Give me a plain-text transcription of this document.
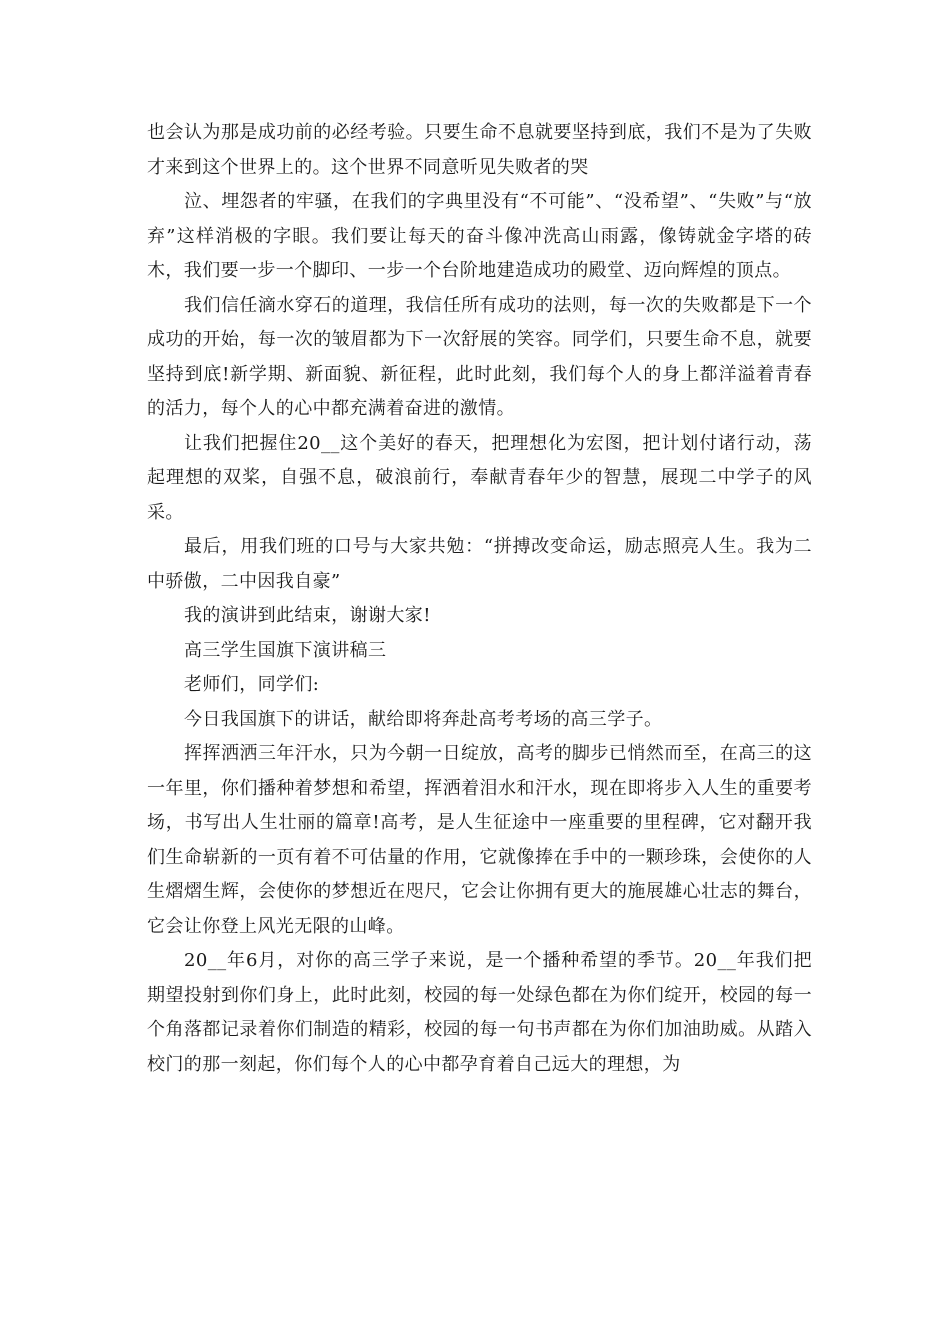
也会认为那是成功前的必经考验。只要生命不息就要坚持到底，我们不是为了失败才来到这个世界上的。这个世界不同意听见失败者的哭

泣、埋怨者的牢骚，在我们的字典里没有“不可能”、“没希望”、“失败”与“放弃”这样消极的字眼。我们要让每天的奋斗像冲洗高山雨露，像铸就金字塔的砖木，我们要一步一个脚印、一步一个台阶地建造成功的殿堂、迈向辉煌的顶点。

我们信任滴水穿石的道理，我信任所有成功的法则，每一次的失败都是下一个成功的开始，每一次的皱眉都为下一次舒展的笑容。同学们，只要生命不息，就要坚持到底!新学期、新面貌、新征程，此时此刻，我们每个人的身上都洋溢着青春的活力，每个人的心中都充满着奋进的激情。

让我们把握住20__这个美好的春天，把理想化为宏图，把计划付诸行动，荡起理想的双桨，自强不息，破浪前行，奉献青春年少的智慧，展现二中学子的风采。

最后，用我们班的口号与大家共勉：“拼搏改变命运，励志照亮人生。我为二中骄傲，二中因我自豪”

我的演讲到此结束，谢谢大家!

高三学生国旗下演讲稿三

老师们，同学们:

今日我国旗下的讲话，献给即将奔赴高考考场的高三学子。

挥挥洒洒三年汗水，只为今朝一日绽放，高考的脚步已悄然而至，在高三的这一年里，你们播种着梦想和希望，挥洒着泪水和汗水，现在即将步入人生的重要考场，书写出人生壮丽的篇章!高考，是人生征途中一座重要的里程碑，它对翻开我们生命崭新的一页有着不可估量的作用，它就像捧在手中的一颗珍珠，会使你的人生熠熠生辉，会使你的梦想近在咫尺，它会让你拥有更大的施展雄心壮志的舞台，它会让你登上风光无限的山峰。

20__年6月，对你的高三学子来说，是一个播种希望的季节。20__年我们把期望投射到你们身上，此时此刻，校园的每一处绿色都在为你们绽开，校园的每一个角落都记录着你们制造的精彩，校园的每一句书声都在为你们加油助威。从踏入校门的那一刻起，你们每个人的心中都孕育着自己远大的理想，为
